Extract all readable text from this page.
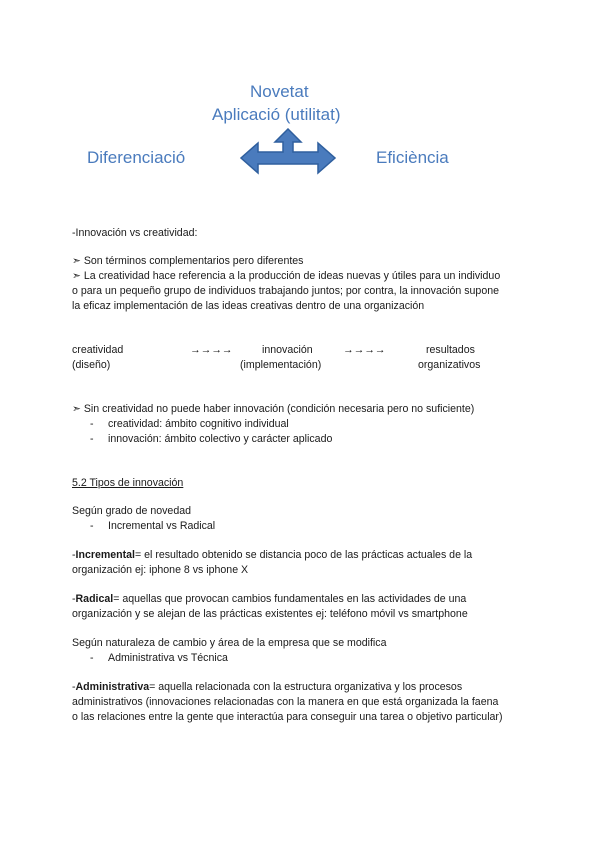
Novetat
Aplicació (utilitat)
Diferenciació	Eficiència
-Innovación vs creatividad:
➣ Son términos complementarios pero diferentes
➣ La creatividad hace referencia a la producción de ideas nuevas y útiles para un individuo
o para un pequeño grupo de individuos trabajando juntos; por contra, la innovación supone
la eficaz implementación de las ideas creativas dentro de una organización
creatividad
(diseño)
→→→→	innovación
(implementación)
→→→→	resultados
organizativos
➣ Sin creatividad no puede haber innovación (condición necesaria pero no suficiente)
- creatividad: ámbito cognitivo individual
- innovación: ámbito colectivo y carácter aplicado
5.2 Tipos de innovación
Según grado de novedad
- Incremental vs Radical
-Incremental= el resultado obtenido se distancia poco de las prácticas actuales de la
organización ej: iphone 8 vs iphone X
-Radical= aquellas que provocan cambios fundamentales en las actividades de una
organización y se alejan de las prácticas existentes ej: teléfono móvil vs smartphone
Según naturaleza de cambio y área de la empresa que se modifica
- Administrativa vs Técnica
-Administrativa= aquella relacionada con la estructura organizativa y los procesos
administrativos (innovaciones relacionadas con la manera en que está organizada la faena
o las relaciones entre la gente que interactúa para conseguir una tarea o objetivo particular)
